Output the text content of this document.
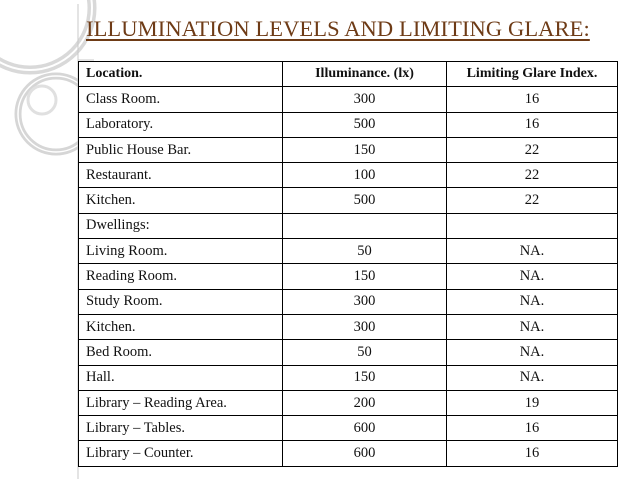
ILLUMINATION LEVELS AND LIMITING GLARE:
Location.	Illuminance. (lx)	Limiting Glare Index.
Class Room.	300	16
Laboratory.	500	16
Public House Bar.	150	22
Restaurant.	100	22
Kitchen.	500	22
Dwellings:		
Living Room.	50	NA.
Reading Room.	150	NA.
Study Room.	300	NA.
Kitchen.	300	NA.
Bed Room.	50	NA.
Hall.	150	NA.
Library – Reading Area.	200	19
Library – Tables.	600	16
Library – Counter.	600	16
